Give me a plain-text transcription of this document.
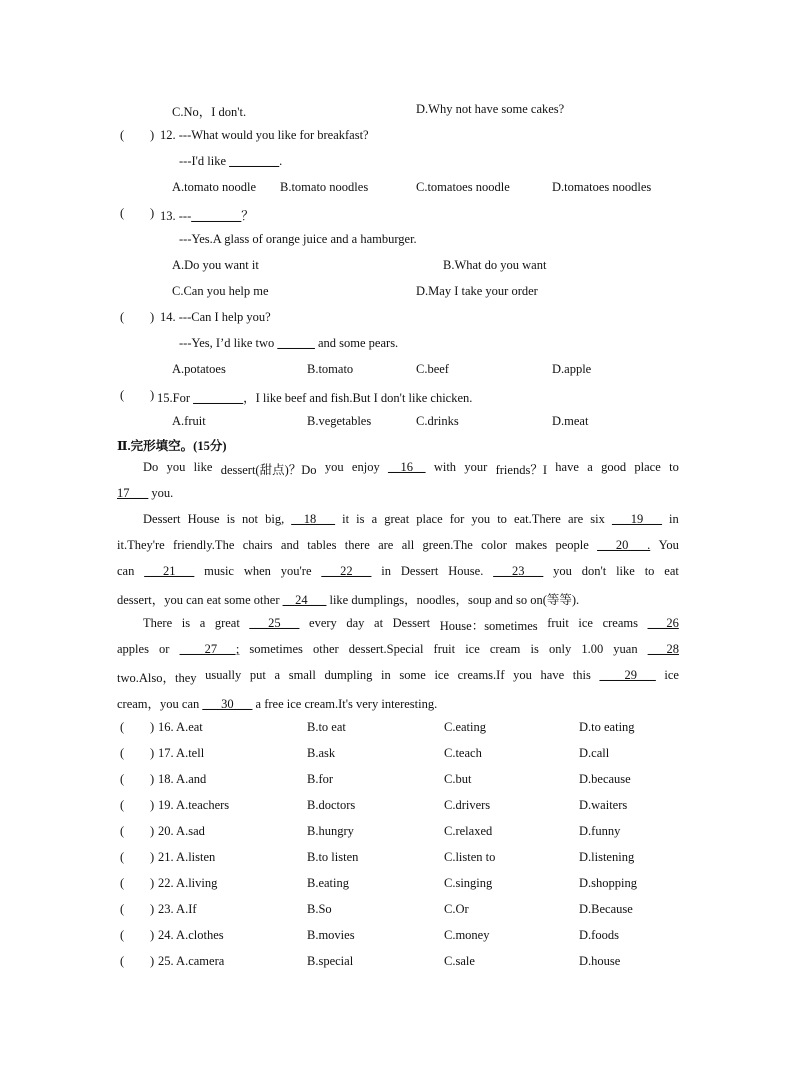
C.No，I don't.	D.Why not have some cakes?
( ) 12. ---What would you like for breakfast?
---I'd like ________.
A.tomato noodle B.tomato noodles	C.tomatoes noodle	D.tomatoes noodles
( ) 13. ---________？
---Yes.A glass of orange juice and a hamburger.
A.Do you want it	B.What do you want
C.Can you help me	D.May I take your order
( ) 14. ---Can I help you?
---Yes, I’d like two ______ and some pears.
A.potatoes	B.tomato	C.beef	D.apple
( ) 15.For ________，I like beef and fish.But I don't like chicken.
A.fruit	B.vegetables	C.drinks	D.meat
Ⅱ.完形填空。(15分)
Do you like dessert(甜点)？Do you enjoy __16__ with your friends？I have a good place to
17___ you.
Dessert House is not big, __18___ it is a great place for you to eat.There are six ___19___ in
it.They're friendly.The chairs and tables there are all green.The color makes people ___20___. You
can ___21___ music when you're ___22___ in Dessert House. ___23___ you don't like to eat
dessert，you can eat some other __24___ like dumplings，noodles，soup and so on(等等).
There is a great ___25___ every day at Dessert House：sometimes fruit ice creams ___26
apples or ____27___; sometimes other dessert.Special fruit ice cream is only 1.00 yuan ___28
two.Also，they usually put a small dumpling in some ice creams.If you have this ____29___ ice
cream，you can ___30___ a free ice cream.It's very interesting.
( ) 16. A.eat	B.to eat	C.eating	D.to eating
( ) 17. A.tell	B.ask	C.teach	D.call
( ) 18. A.and	B.for	C.but	D.because
( ) 19. A.teachers	B.doctors	C.drivers	D.waiters
( ) 20. A.sad	B.hungry	C.relaxed	D.funny
( ) 21. A.listen	B.to listen	C.listen to	D.listening
( ) 22. A.living	B.eating	C.singing	D.shopping
( ) 23. A.If	B.So	C.Or	D.Because
( ) 24. A.clothes	B.movies	C.money	D.foods
( ) 25. A.camera	B.special	C.sale	D.house
